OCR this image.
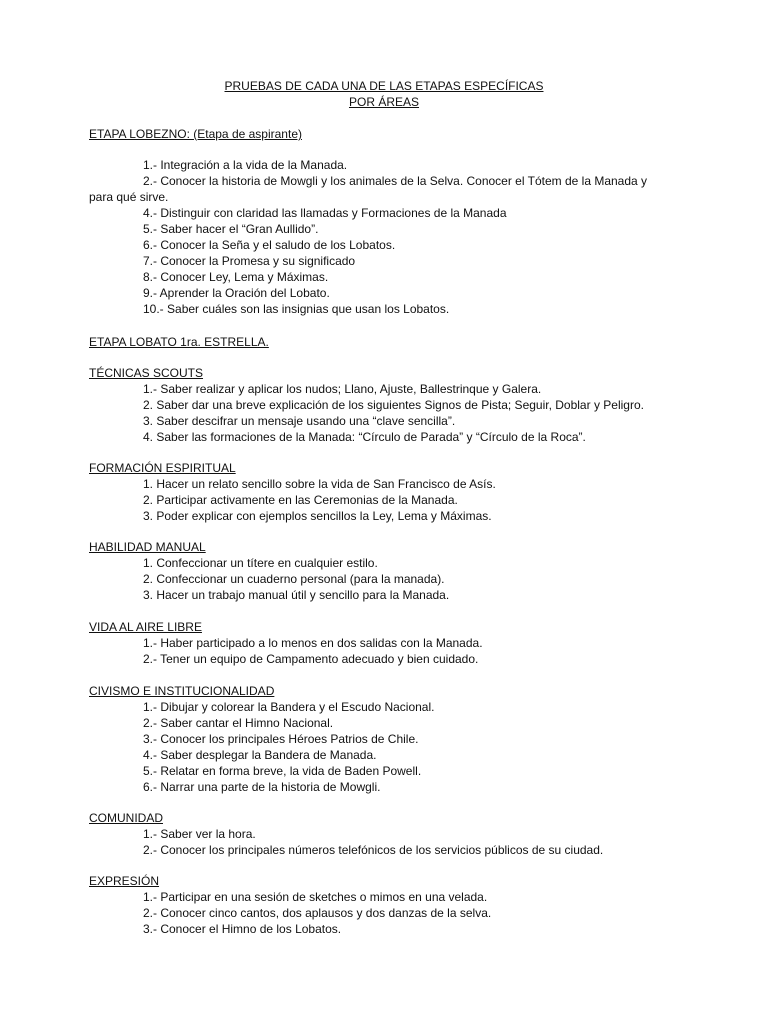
PRUEBAS DE CADA UNA DE LAS ETAPAS ESPECÍFICAS
POR ÁREAS
ETAPA LOBEZNO: (Etapa de aspirante)
1.- Integración a la vida de la Manada.
2.- Conocer la historia de Mowgli y los animales de la Selva. Conocer el Tótem de la Manada y para qué sirve.
4.- Distinguir con claridad las llamadas y Formaciones de la Manada
5.- Saber hacer el “Gran Aullido”.
6.- Conocer la Seña y el saludo de los Lobatos.
7.- Conocer la Promesa y su significado
8.- Conocer Ley, Lema y Máximas.
9.- Aprender la Oración del Lobato.
10.- Saber cuáles son las insignias que usan los Lobatos.
ETAPA LOBATO 1ra. ESTRELLA.
TÉCNICAS SCOUTS
1.- Saber realizar y aplicar los nudos; Llano, Ajuste, Ballestrinque y Galera.
2. Saber dar una breve explicación de los siguientes Signos de Pista; Seguir, Doblar y Peligro.
3. Saber descifrar un mensaje usando una “clave sencilla”.
4. Saber las formaciones de la Manada: “Círculo de Parada” y “Círculo de la Roca”.
FORMACIÓN ESPIRITUAL
1. Hacer un relato sencillo sobre la vida de San Francisco de Asís.
2. Participar activamente en las Ceremonias de la Manada.
3. Poder explicar con ejemplos sencillos la Ley, Lema y Máximas.
HABILIDAD MANUAL
1. Confeccionar un títere en cualquier estilo.
2. Confeccionar un cuaderno personal (para la manada).
3. Hacer un trabajo manual útil y sencillo para la Manada.
VIDA AL AIRE LIBRE
1.- Haber participado a lo menos en dos salidas con la Manada.
2.- Tener un equipo de Campamento adecuado y bien cuidado.
CIVISMO E INSTITUCIONALIDAD
1.- Dibujar y colorear la Bandera y el Escudo Nacional.
2.- Saber cantar el Himno Nacional.
3.- Conocer los principales Héroes Patrios de Chile.
4.- Saber desplegar la Bandera de Manada.
5.- Relatar en forma breve, la vida de Baden Powell.
6.- Narrar una parte de la historia de Mowgli.
COMUNIDAD
1.- Saber ver la hora.
2.- Conocer los principales números telefónicos de los servicios públicos de su ciudad.
EXPRESIÓN
1.- Participar en una sesión de sketches o mimos en una velada.
2.- Conocer cinco cantos, dos aplausos y dos danzas de la selva.
3.- Conocer el Himno de los Lobatos.
